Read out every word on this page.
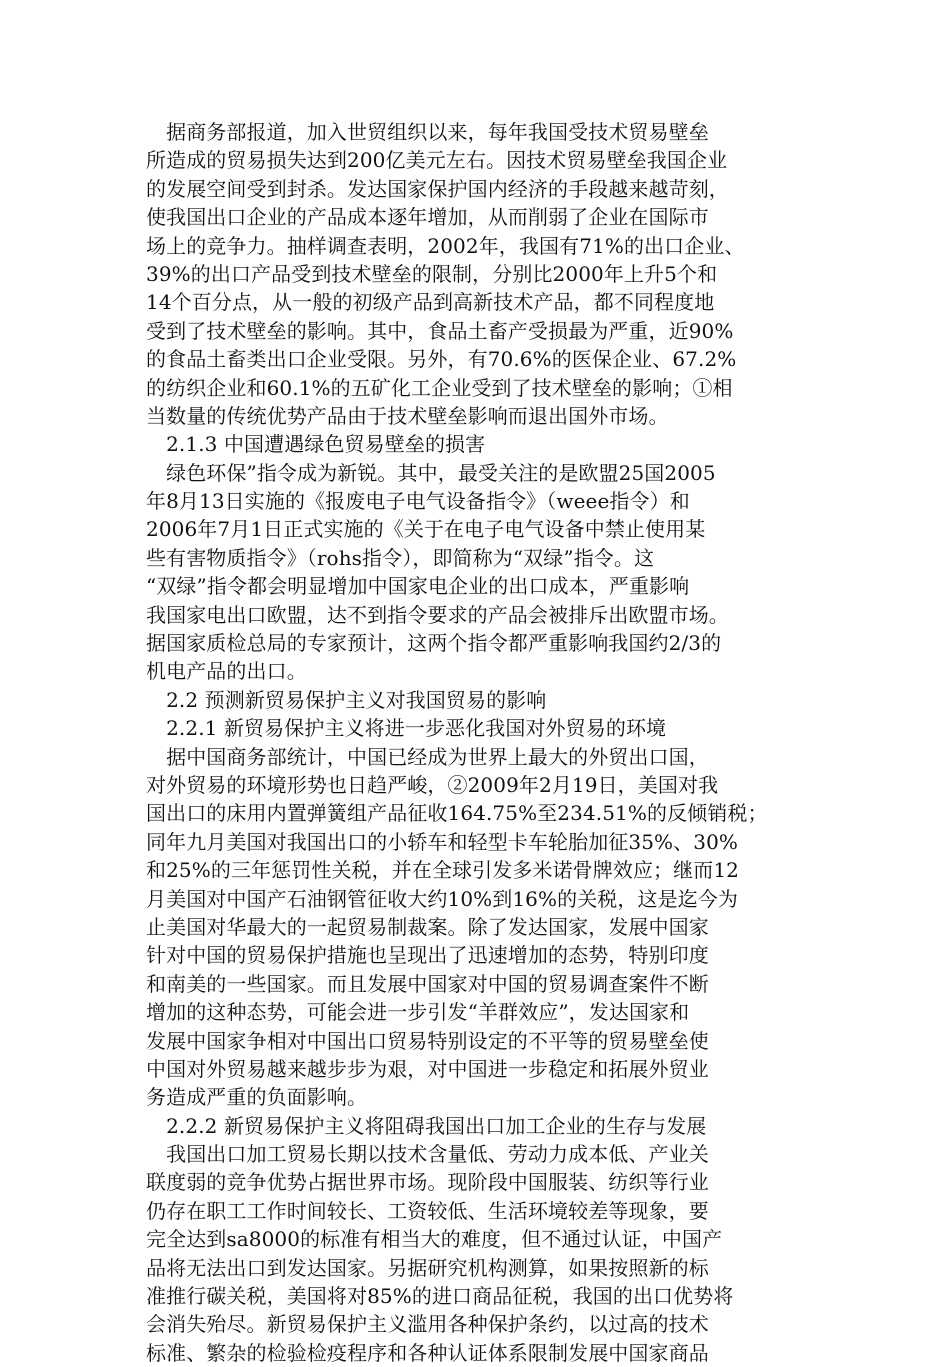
　据商务部报道，加入世贸组织以来，每年我国受技术贸易壁垒
所造成的贸易损失达到200亿美元左右。因技术贸易壁垒我国企业
的发展空间受到封杀。发达国家保护国内经济的手段越来越苛刻，
使我国出口企业的产品成本逐年增加，从而削弱了企业在国际市
场上的竞争力。抽样调查表明，2002年，我国有71%的出口企业、
39%的出口产品受到技术壁垒的限制，分别比2000年上升5个和
14个百分点，从一般的初级产品到高新技术产品，都不同程度地
受到了技术壁垒的影响。其中，食品土畜产受损最为严重，近90%
的食品土畜类出口企业受限。另外，有70.6%的医保企业、67.2%
的纺织企业和60.1%的五矿化工企业受到了技术壁垒的影响；①相
当数量的传统优势产品由于技术壁垒影响而退出国外市场。
　2.1.3 中国遭遇绿色贸易壁垒的损害
　绿色环保”指令成为新锐。其中，最受关注的是欧盟25国2005
年8月13日实施的《报废电子电气设备指令》（weee指令）和
2006年7月1日正式实施的《关于在电子电气设备中禁止使用某
些有害物质指令》（rohs指令），即简称为“双绿”指令。这
“双绿”指令都会明显增加中国家电企业的出口成本，严重影响
我国家电出口欧盟，达不到指令要求的产品会被排斥出欧盟市场。
据国家质检总局的专家预计，这两个指令都严重影响我国约2/3的
机电产品的出口。
　2.2 预测新贸易保护主义对我国贸易的影响
　2.2.1 新贸易保护主义将进一步恶化我国对外贸易的环境
　据中国商务部统计，中国已经成为世界上最大的外贸出口国，
对外贸易的环境形势也日趋严峻，②2009年2月19日，美国对我
国出口的床用内置弹簧组产品征收164.75%至234.51%的反倾销税；
同年九月美国对我国出口的小轿车和轻型卡车轮胎加征35%、30%
和25%的三年惩罚性关税，并在全球引发多米诺骨牌效应；继而12
月美国对中国产石油钢管征收大约10%到16%的关税，这是迄今为
止美国对华最大的一起贸易制裁案。除了发达国家，发展中国家
针对中国的贸易保护措施也呈现出了迅速增加的态势，特别印度
和南美的一些国家。而且发展中国家对中国的贸易调查案件不断
增加的这种态势，可能会进一步引发“羊群效应”，发达国家和
发展中国家争相对中国出口贸易特别设定的不平等的贸易壁垒使
中国对外贸易越来越步步为艰，对中国进一步稳定和拓展外贸业
务造成严重的负面影响。
　2.2.2 新贸易保护主义将阻碍我国出口加工企业的生存与发展
　我国出口加工贸易长期以技术含量低、劳动力成本低、产业关
联度弱的竞争优势占据世界市场。现阶段中国服装、纺织等行业
仍存在职工工作时间较长、工资较低、生活环境较差等现象，要
完全达到sa8000的标准有相当大的难度，但不通过认证，中国产
品将无法出口到发达国家。另据研究机构测算，如果按照新的标
准推行碳关税，美国将对85%的进口商品征税，我国的出口优势将
会消失殆尽。新贸易保护主义滥用各种保护条约，以过高的技术
标准、繁杂的检验检疫程序和各种认证体系限制发展中国家商品
